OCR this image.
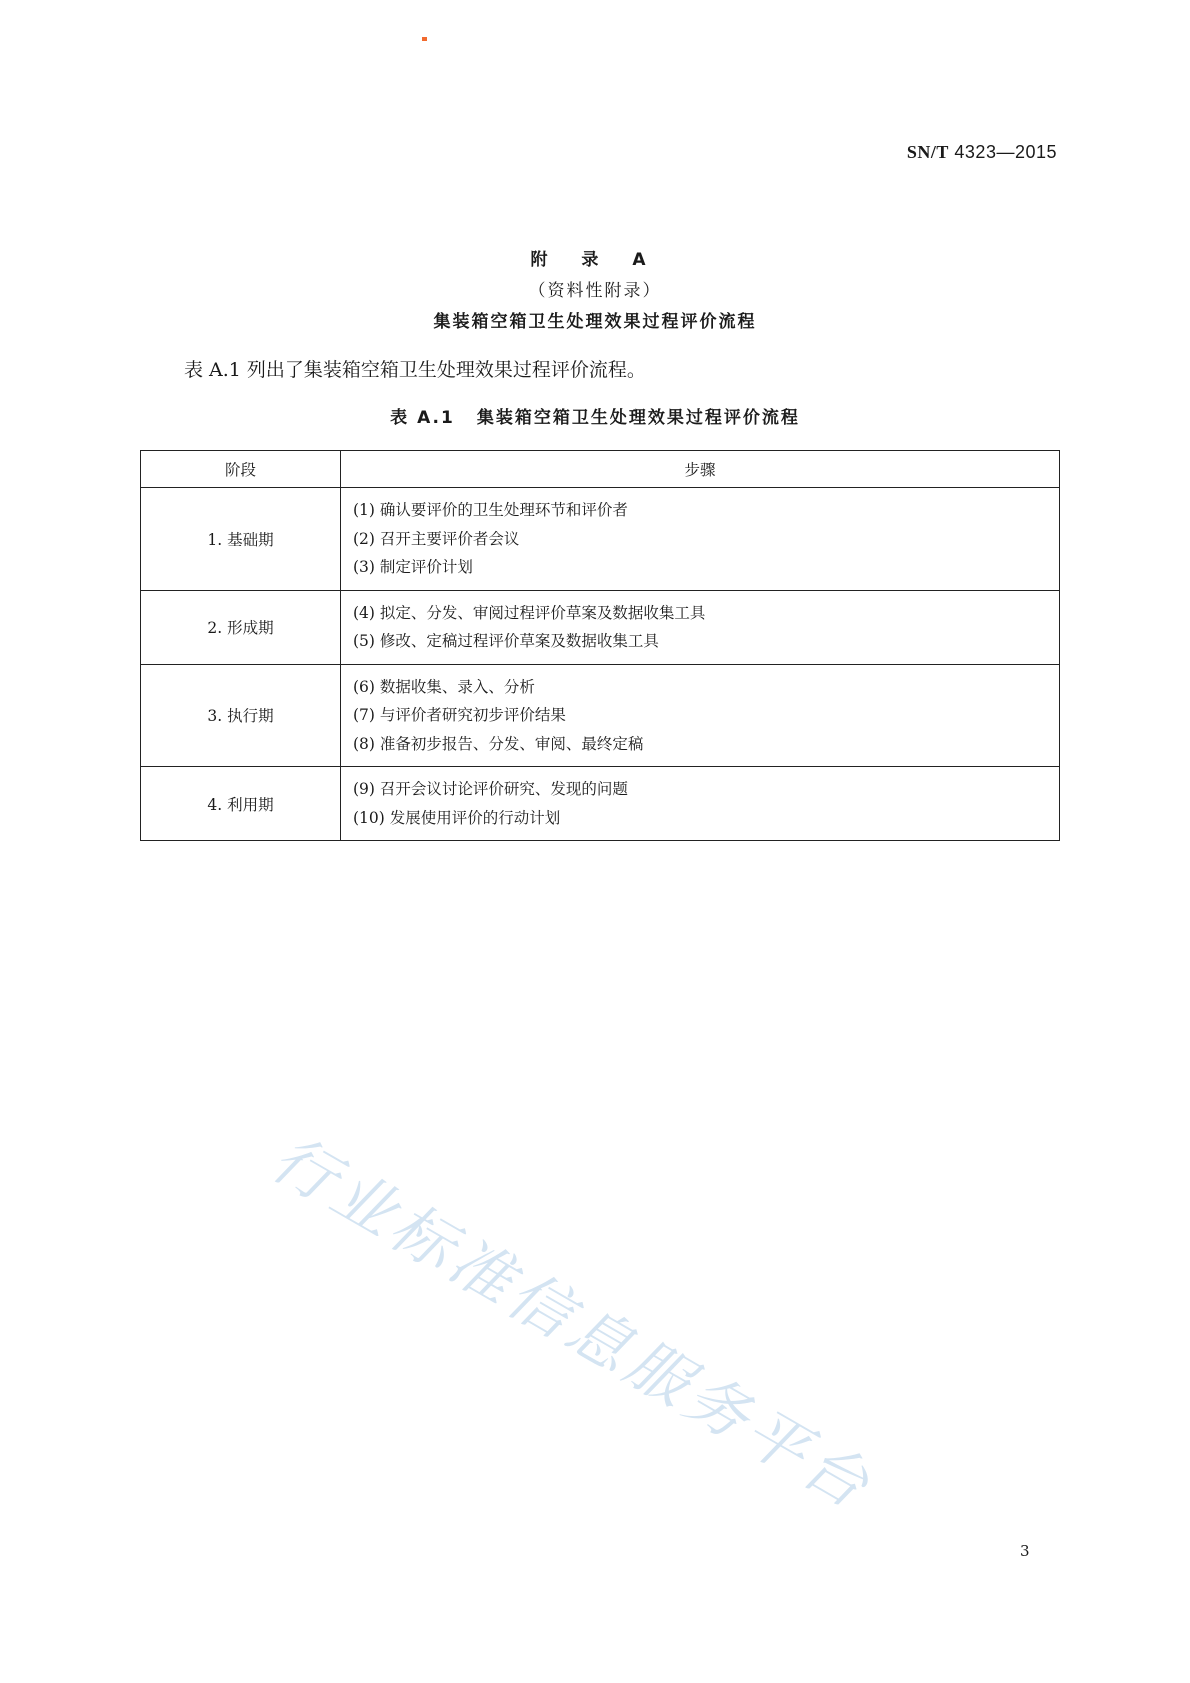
SN/T 4323—2015
附 录 A
（资料性附录）
集装箱空箱卫生处理效果过程评价流程
表 A.1 列出了集装箱空箱卫生处理效果过程评价流程。
表 A.1 集装箱空箱卫生处理效果过程评价流程
阶段	步骤
1. 基础期	(1) 确认要评价的卫生处理环节和评价者
(2) 召开主要评价者会议
(3) 制定评价计划

2. 形成期	(4) 拟定、分发、审阅过程评价草案及数据收集工具
(5) 修改、定稿过程评价草案及数据收集工具

3. 执行期	(6) 数据收集、录入、分析
(7) 与评价者研究初步评价结果
(8) 准备初步报告、分发、审阅、最终定稿

4. 利用期	(9) 召开会议讨论评价研究、发现的问题
(10) 发展使用评价的行动计划
行业标准信息服务平台
3
